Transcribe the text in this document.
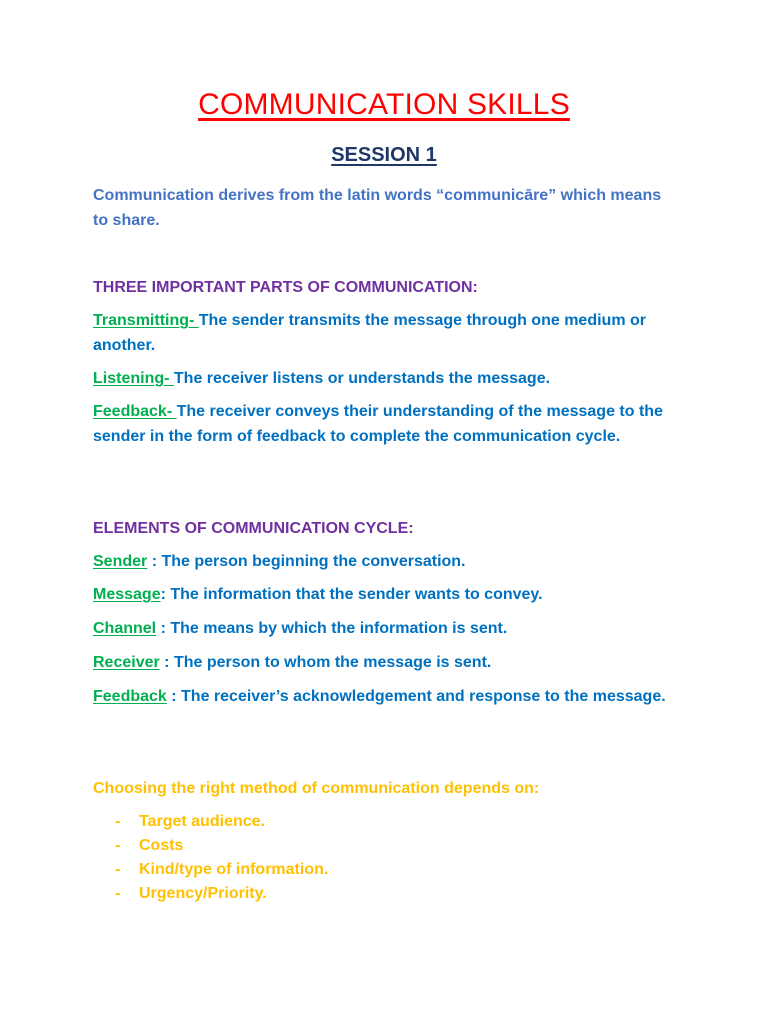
COMMUNICATION SKILLS
SESSION 1

Communication derives from the latin words “communicāre” which means to share.

THREE IMPORTANT PARTS OF COMMUNICATION:

Transmitting- The sender transmits the message through one medium or another.

Listening- The receiver listens or understands the message.

Feedback- The receiver conveys their understanding of the message to the sender in the form of feedback to complete the communication cycle.

ELEMENTS OF COMMUNICATION CYCLE:

Sender : The person beginning the conversation.

Message: The information that the sender wants to convey.

Channel : The means by which the information is sent.

Receiver : The person to whom the message is sent.

Feedback : The receiver’s acknowledgement and response to the message.

Choosing the right method of communication depends on:

- Target audience.
- Costs
- Kind/type of information.
- Urgency/Priority.
